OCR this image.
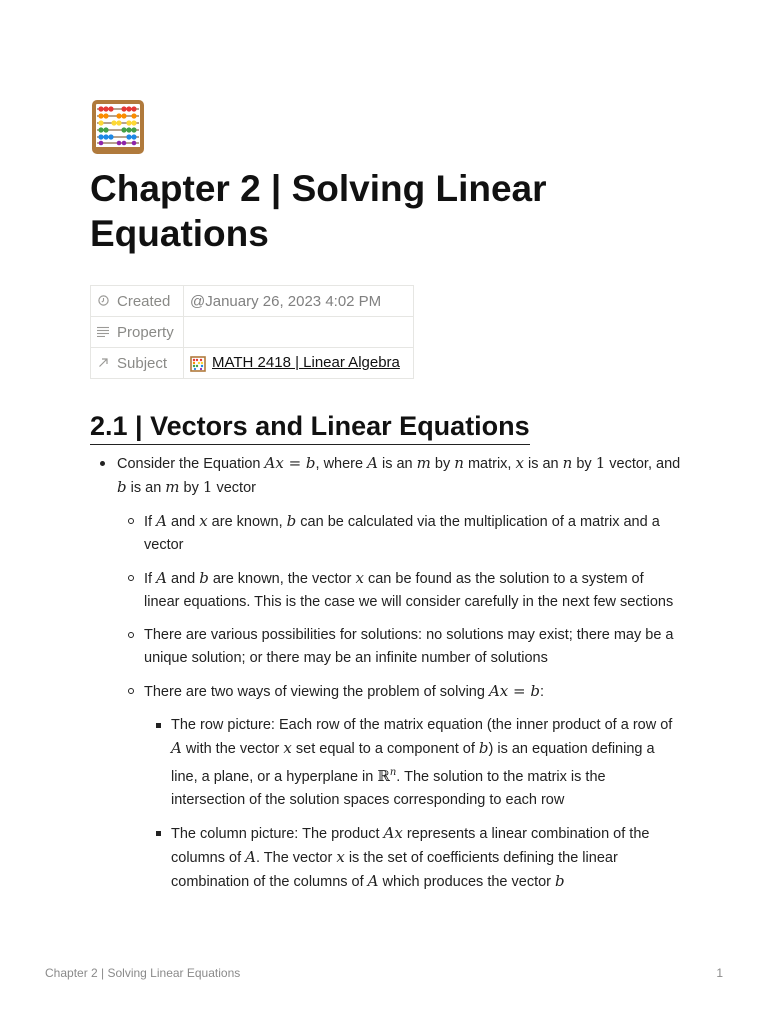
Chapter 2 | Solving Linear Equations
Created	@January 26, 2023 4:02 PM
Property	
Subject	MATH 2418 | Linear Algebra
2.1 | Vectors and Linear Equations
Consider the Equation Ax = b, where A is an m by n matrix, x is an n by 1 vector, and b is an m by 1 vector
If A and x are known, b can be calculated via the multiplication of a matrix and a vector
If A and b are known, the vector x can be found as the solution to a system of linear equations. This is the case we will consider carefully in the next few sections
There are various possibilities for solutions: no solutions may exist; there may be a unique solution; or there may be an infinite number of solutions
There are two ways of viewing the problem of solving Ax = b:
The row picture: Each row of the matrix equation (the inner product of a row of A with the vector x set equal to a component of b) is an equation defining a line, a plane, or a hyperplane in ℝ$^n$. The solution to the matrix is the intersection of the solution spaces corresponding to each row
The column picture: The product Ax represents a linear combination of the columns of A. The vector x is the set of coefficients defining the linear combination of the columns of A which produces the vector b
Chapter 2 | Solving Linear Equations	1
